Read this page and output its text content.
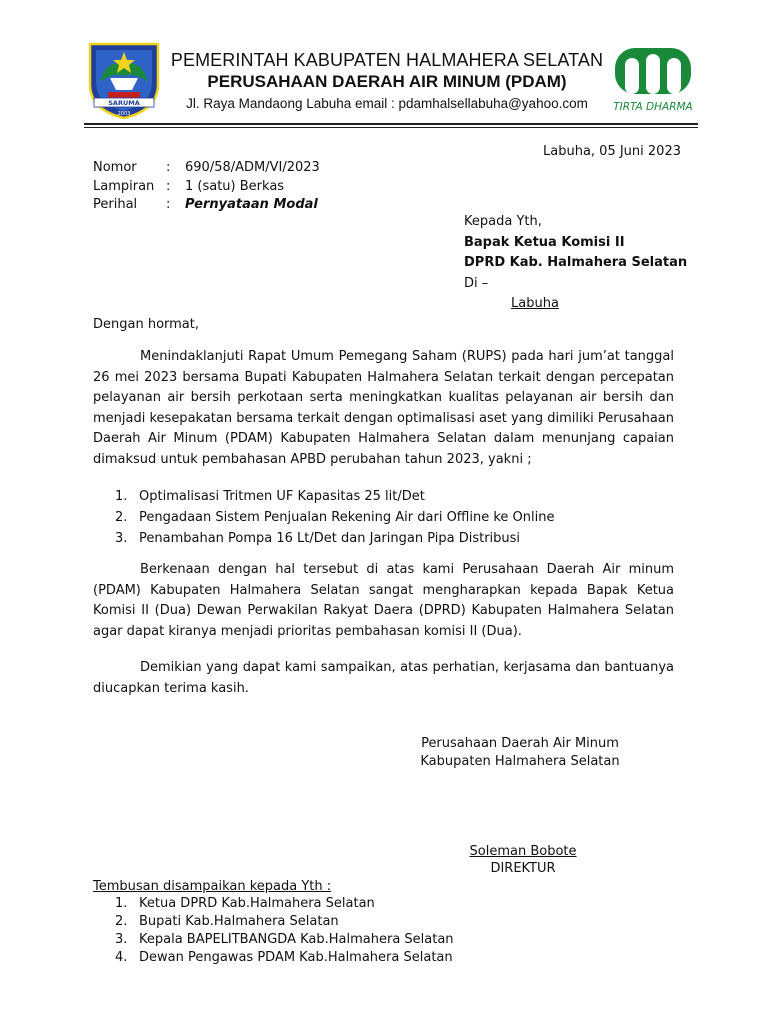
SARUMA
2003
PEMERINTAH KABUPATEN HALMAHERA SELATAN
PERUSAHAAN DAERAH AIR MINUM (PDAM)
Jl. Raya Mandaong Labuha email : pdamhalsellabuha@yahoo.com	TIRTA DHARMA
Labuha, 05 Juni 2023
Nomor	:	690/58/ADM/VI/2023
Lampiran :	1 (satu) Berkas
Perihal	:	Pernyataan Modal
Kepada Yth,
Bapak Ketua Komisi II
DPRD Kab. Halmahera Selatan
Di –
Labuha
Dengan hormat,
Menindaklanjuti Rapat Umum Pemegang Saham (RUPS) pada hari jum’at tanggal 26 mei 2023 bersama Bupati Kabupaten Halmahera Selatan terkait dengan percepatan pelayanan air bersih perkotaan serta meningkatkan kualitas pelayanan air bersih dan menjadi kesepakatan bersama terkait dengan optimalisasi aset yang dimiliki Perusahaan Daerah Air Minum (PDAM) Kabupaten Halmahera Selatan dalam menunjang capaian dimaksud untuk pembahasan APBD perubahan tahun 2023, yakni ;
1. Optimalisasi Tritmen UF Kapasitas 25 lit/Det
2. Pengadaan Sistem Penjualan Rekening Air dari Offline ke Online
3. Penambahan Pompa 16 Lt/Det dan Jaringan Pipa Distribusi
Berkenaan dengan hal tersebut di atas kami Perusahaan Daerah Air minum (PDAM) Kabupaten Halmahera Selatan sangat mengharapkan kepada Bapak Ketua Komisi II (Dua) Dewan Perwakilan Rakyat Daera (DPRD) Kabupaten Halmahera Selatan agar dapat kiranya menjadi prioritas pembahasan komisi II (Dua).
Demikian yang dapat kami sampaikan, atas perhatian, kerjasama dan bantuanya diucapkan terima kasih.
Perusahaan Daerah Air Minum
Kabupaten Halmahera Selatan
Soleman Bobote
DIREKTUR
Tembusan disampaikan kepada Yth :
1. Ketua DPRD Kab.Halmahera Selatan
2. Bupati Kab.Halmahera Selatan
3. Kepala BAPELITBANGDA Kab.Halmahera Selatan
4. Dewan Pengawas PDAM Kab.Halmahera Selatan
